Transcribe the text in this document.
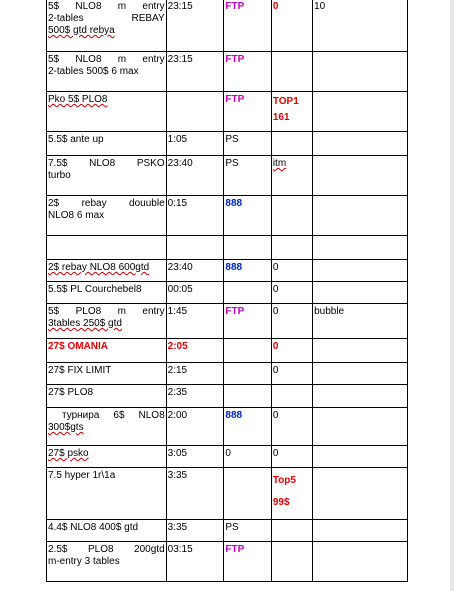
5$ NLO8 m entry
2-tables REBAY
500$ gtd rebya	23:15	FTP	0	10

5$ NLO8 m entry
2-tables 500$ 6 max	23:15	FTP		
Pko 5$ PLO8		FTP	TOP1
161	

5.5$ ante up	1:05	PS		

7.5$ NLO8 PSKO
turbo	23:40	PS	itm	

2$ rebay douuble
NLO8 6 max	0:15	888		

2$ rebay NLO8 600gtd	23:40	888	0	
5.5$ PL Courchebel8	00:05		0	

5$ PLO8 m entry
3tables 250$ gtd	1:45	FTP	0	bubble
27$ OMANIA	2:05		0	
27$ FIX LIMIT	2:15		0	
27$ PLO8	2:35			

турнира 6$ NLO8
300$gts	2:00	888	0	
27$ psko	3:05	0	0	
7.5 hyper 1r\1a	3:35		Top5
99$	

4.4$ NLO8 400$ gtd	3:35	PS		

2.5$ PLO8 200gtd
m-entry 3 tables	03:15	FTP		
